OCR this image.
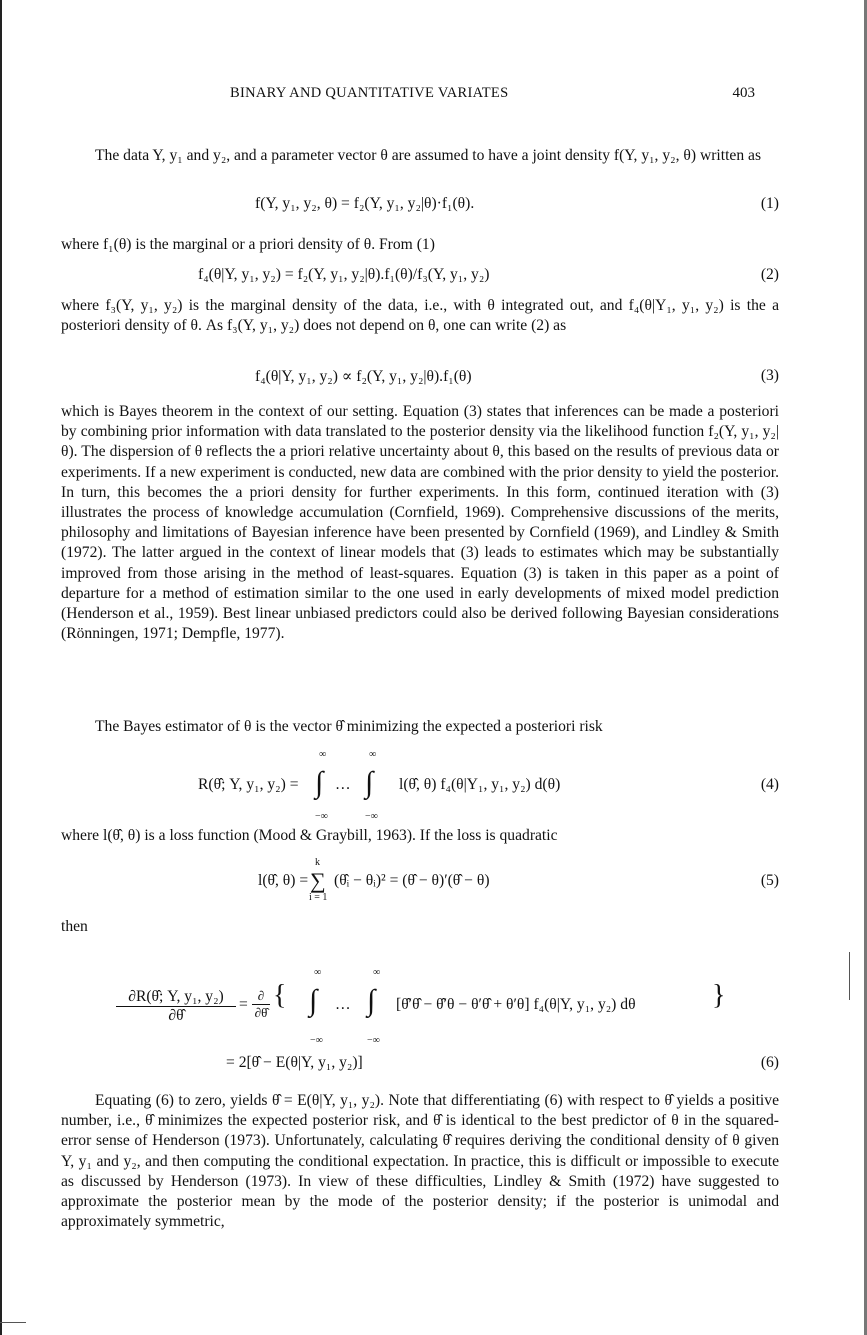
BINARY AND QUANTITATIVE VARIATES	403
The data Y, y₁ and y₂, and a parameter vector θ are assumed to have a joint density f(Y, y₁, y₂, θ) written as
f(Y, y₁, y₂, θ) = f₂(Y, y₁, y₂|θ)·f₁(θ).	(1)
where f₁(θ) is the marginal or a priori density of θ. From (1)
f₄(θ|Y, y₁, y₂) = f₂(Y, y₁, y₂|θ).f₁(θ)/f₃(Y, y₁, y₂)	(2)
where f₃(Y, y₁, y₂) is the marginal density of the data, i.e., with θ integrated out, and f₄(θ|Y₁, y₁, y₂) is the a posteriori density of θ. As f₃(Y, y₁, y₂) does not depend on θ, one can write (2) as
f₄(θ|Y, y₁, y₂) ∝ f₂(Y, y₁, y₂|θ).f₁(θ)	(3)
which is Bayes theorem in the context of our setting. Equation (3) states that inferences can be made a posteriori by combining prior information with data translated to the posterior density via the likelihood function f₂(Y, y₁, y₂|θ). The dispersion of θ reflects the a priori relative uncertainty about θ, this based on the results of previous data or experiments. If a new experiment is conducted, new data are combined with the prior density to yield the posterior. In turn, this becomes the a priori density for further experiments. In this form, continued iteration with (3) illustrates the process of knowledge accumulation (Cornfield, 1969). Comprehensive discussions of the merits, philosophy and limitations of Bayesian inference have been presented by Cornfield (1969), and Lindley & Smith (1972). The latter argued in the context of linear models that (3) leads to estimates which may be substantially improved from those arising in the method of least-squares. Equation (3) is taken in this paper as a point of departure for a method of estimation similar to the one used in early developments of mixed model prediction (Henderson et al., 1959). Best linear unbiased predictors could also be derived following Bayesian considerations (Rönningen, 1971; Dempfle, 1977).
The Bayes estimator of θ is the vector θ̂ minimizing the expected a posteriori risk
R(θ̂; Y, y₁, y₂) =
∞
∫
−∞
…
∞
∫
−∞
l(θ̂, θ) f₄(θ|Y₁, y₁, y₂) d(θ)	(4)
where l(θ̂, θ) is a loss function (Mood & Graybill, 1963). If the loss is quadratic
l(θ̂, θ) =
k
∑
i = 1
(θ̂ᵢ − θᵢ)² = (θ̂ − θ)′(θ̂ − θ)	(5)
then
$\frac{\text{∂R(θ̂; Y, y₁, y₂)}}{\partial\thetâ}$ =
∂
∂θ̂
{
∞
∫
−∞
…
∞
∫
−∞
[θ̂′θ̂ − θ̂′θ − θ′θ̂ + θ′θ] f₄(θ|Y, y₁, y₂) dθ	}
= 2[θ̂ − E(θ|Y, y₁, y₂)]	(6)
Equating (6) to zero, yields θ̂ = E(θ|Y, y₁, y₂). Note that differentiating (6) with respect to θ̂ yields a positive number, i.e., θ̂ minimizes the expected posterior risk, and θ̂ is identical to the best predictor of θ in the squared-error sense of Henderson (1973). Unfortunately, calculating θ̂ requires deriving the conditional density of θ given Y, y₁ and y₂, and then computing the conditional expectation. In practice, this is difficult or impossible to execute as discussed by Henderson (1973). In view of these difficulties, Lindley & Smith (1972) have suggested to approximate the posterior mean by the mode of the posterior density; if the posterior is unimodal and approximately symmetric,
